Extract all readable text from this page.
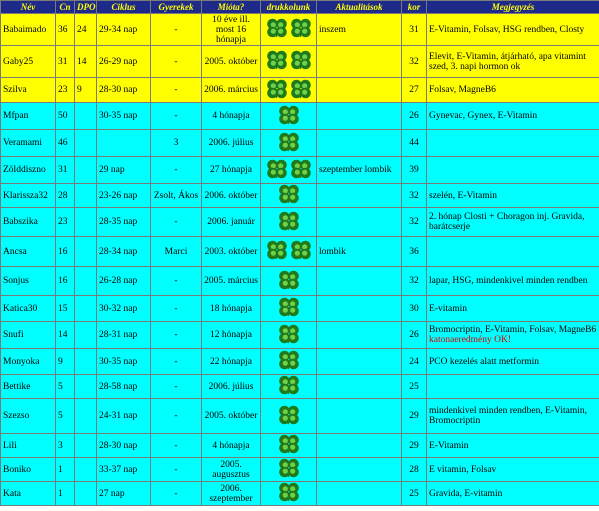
Név	Cn	DPO	Ciklus	Gyerekek	Mióta?	drukkolunk	Aktualitások	kor	Megjegyzés
Babaimado	36	24	29-34 nap	-	10 éve ill. most 16 hónapja		inszem	31	E-Vitamin, Folsav, HSG rendben, Closty
Gaby25	31	14	26-29 nap	-	2005. október			32	Elevit, E-Vitamin, átjárható, apa vitamint szed, 3. napi hormon ok
Szilva	23	9	28-30 nap	-	2006. március			27	Folsav, MagneB6
Mfpan	50		30-35 nap	-	4 hónapja			26	Gynevac, Gynex, E-Vitamin
Veramami	46			3	2006. július			44	
Zölddiszno	31		29 nap	-	27 hónapja		szeptember lombik	39	
Klarissza32	28		23-26 nap	Zsolt, Ákos	2006. október			32	szelén, E-Vitamin
Babszika	23		28-35 nap	-	2006. január			32	2. hónap Closti + Choragon inj. Gravida, barátcserje
Ancsa	16		28-34 nap	Marci	2003. október		lombik	36	
Sonjus	16		26-28 nap	-	2005. március			32	lapar, HSG, mindenkivel minden rendben
Katica30	15		30-32 nap	-	18 hónapja			30	E-vitamin
Snufi	14		28-31 nap	-	12 hónapja			26	Bromocriptin, E-Vitamin, Folsav, MagneB6 katonaeredmény OK!
Monyoka	9		30-35 nap	-	22 hónapja			24	PCO kezelés alatt metformin
Bettike	5		28-58 nap	-	2006. július			25	
Szezso	5		24-31 nap	-	2005. október			29	mindenkivel minden rendben, E-Vitamin, Bromocriptin
Lili	3		28-30 nap	-	4 hónapja			29	E-Vitamin
Boniko	1		33-37 nap	-	2005. augusztus			28	E vitamin, Folsav
Kata	1		27 nap	-	2006. szeptember			25	Gravida, E-vitamin
